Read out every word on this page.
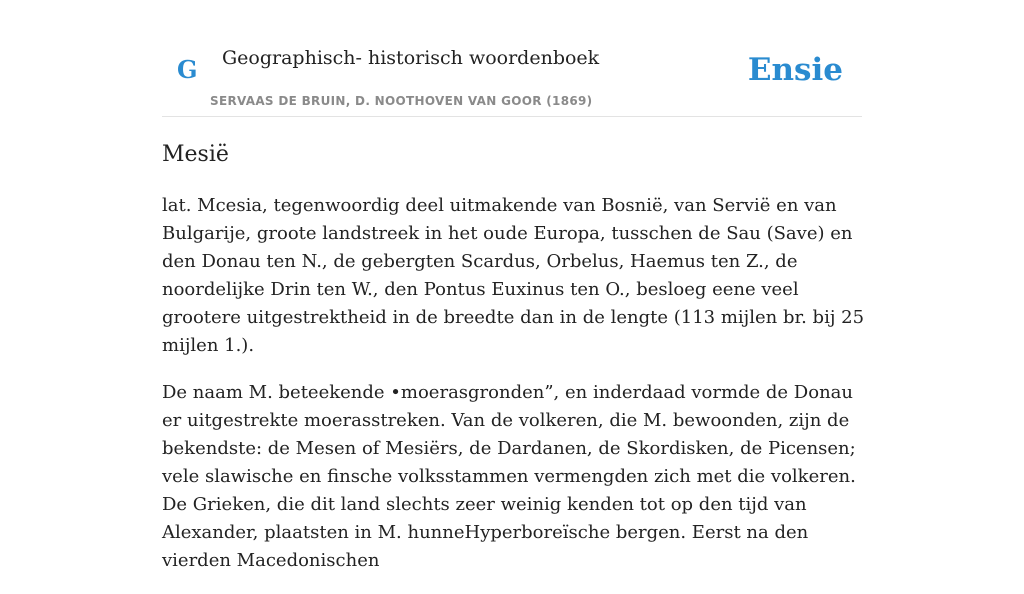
G Geographisch- historisch woordenboek
SERVAAS DE BRUIN, D. NOOTHOVEN VAN GOOR (1869)
Ensie
Mesië

lat. Mcesia, tegenwoordig deel uitmakende van Bosnië, van Servië en van Bulgarije, groote landstreek in het oude Europa, tusschen de Sau (Save) en den Donau ten N., de gebergten Scardus, Orbelus, Haemus ten Z., de noordelijke Drin ten W., den Pontus Euxinus ten O., besloeg eene veel grootere uitgestrektheid in de breedte dan in de lengte (113 mijlen br. bij 25 mijlen 1.).

De naam M. beteekende •moerasgronden”, en inderdaad vormde de Donau er uitgestrekte moerasstreken. Van de volkeren, die M. bewoonden, zijn de bekendste: de Mesen of Mesiërs, de Dardanen, de Skordisken, de Picensen; vele slawische en finsche volksstammen vermengden zich met die volkeren. De Grieken, die dit land slechts zeer weinig kenden tot op den tijd van Alexander, plaatsten in M. hunneHyperboreïsche bergen. Eerst na den vierden Macedonischen
